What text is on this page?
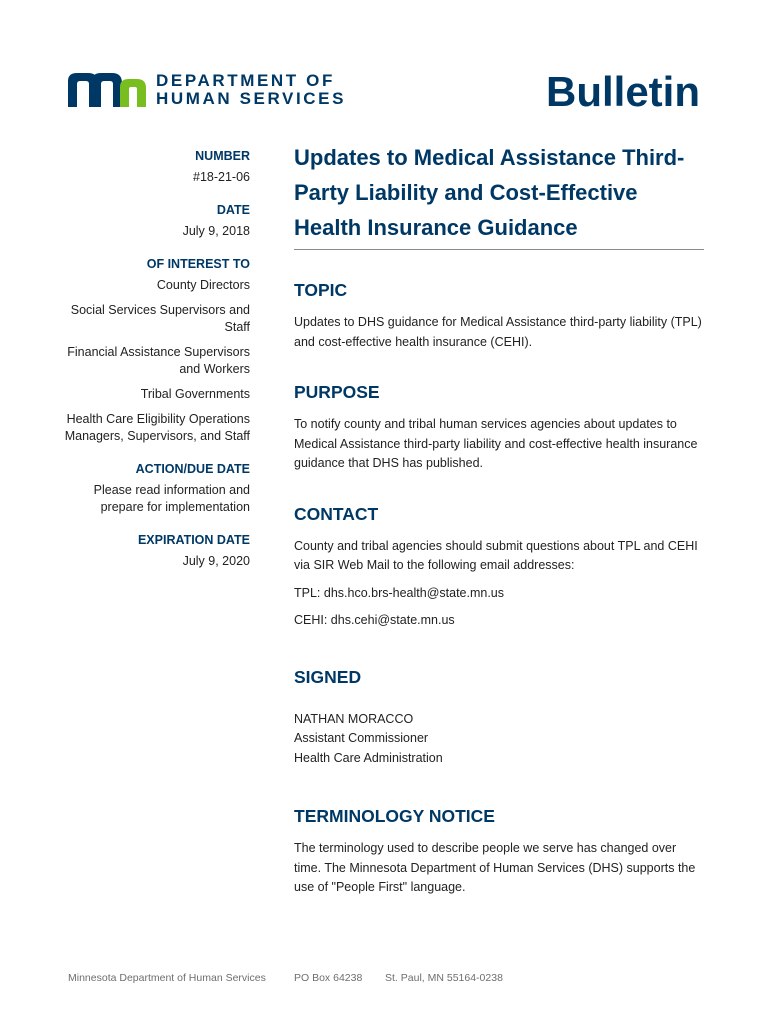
DEPARTMENT OF
HUMAN SERVICES	Bulletin
NUMBER
#18-21-06
DATE
July 9, 2018
OF INTEREST TO
County Directors
Social Services Supervisors and Staff
Financial Assistance Supervisors and Workers
Tribal Governments
Health Care Eligibility Operations Managers, Supervisors, and Staff
ACTION/DUE DATE
Please read information and prepare for implementation
EXPIRATION DATE
July 9, 2020
Updates to Medical Assistance Third-Party Liability and Cost-Effective Health Insurance Guidance
TOPIC

Updates to DHS guidance for Medical Assistance third-party liability (TPL) and cost-effective health insurance (CEHI).

PURPOSE

To notify county and tribal human services agencies about updates to Medical Assistance third-party liability and cost-effective health insurance guidance that DHS has published.

CONTACT

County and tribal agencies should submit questions about TPL and CEHI via SIR Web Mail to the following email addresses:

TPL: dhs.hco.brs-health@state.mn.us

CEHI: dhs.cehi@state.mn.us

SIGNED

NATHAN MORACCO

Assistant Commissioner

Health Care Administration

TERMINOLOGY NOTICE

The terminology used to describe people we serve has changed over time. The Minnesota Department of Human Services (DHS) supports the use of "People First" language.

Minnesota Department of Human Services	PO Box 64238 St. Paul, MN 55164-0238
